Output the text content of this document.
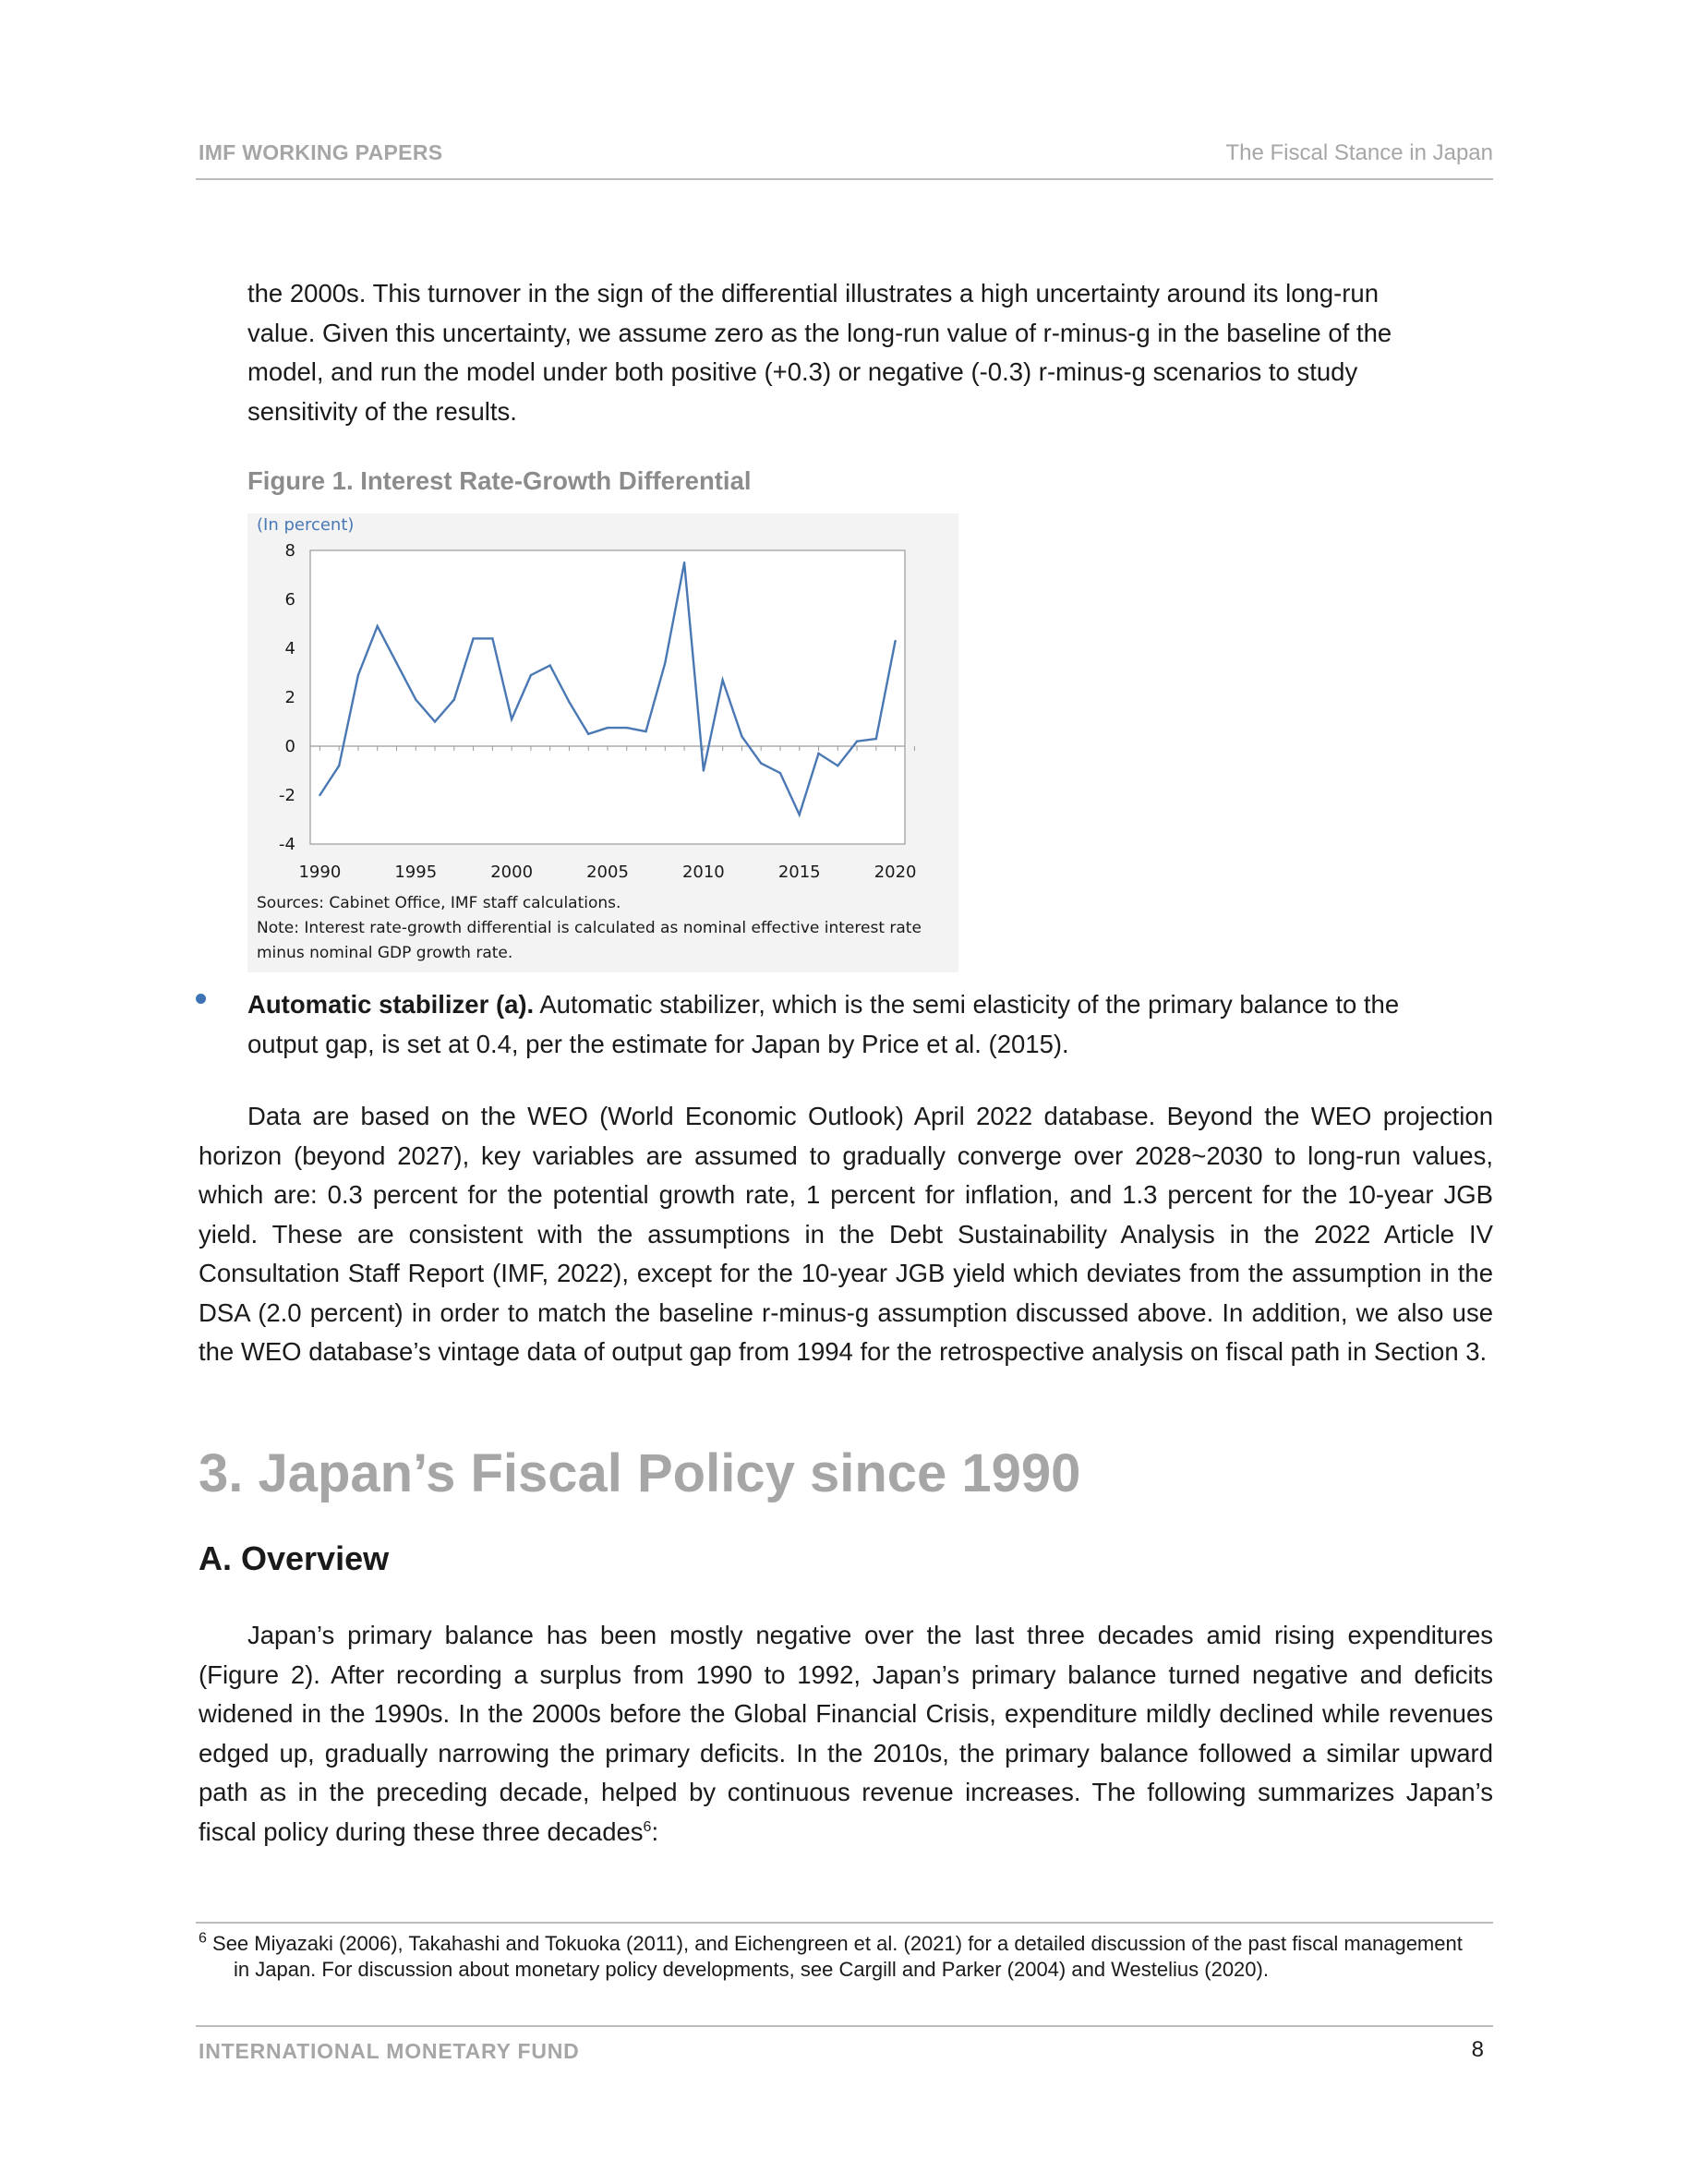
IMF WORKING PAPERS	The Fiscal Stance in Japan
the 2000s. This turnover in the sign of the differential illustrates a high uncertainty around its long-run value. Given this uncertainty, we assume zero as the long-run value of r-minus-g in the baseline of the model, and run the model under both positive (+0.3) or negative (-0.3) r-minus-g scenarios to study sensitivity of the results.
Figure 1. Interest Rate-Growth Differential
(In percent)
8
6
4
2
0
-2
-4
1990	1995	2000	2005	2010	2015	2020
Sources: Cabinet Office, IMF staff calculations.
Note: Interest rate-growth differential is calculated as nominal effective interest rate
minus nominal GDP growth rate.
Automatic stabilizer (a). Automatic stabilizer, which is the semi elasticity of the primary balance to the output gap, is set at 0.4, per the estimate for Japan by Price et al. (2015).
Data are based on the WEO (World Economic Outlook) April 2022 database. Beyond the WEO projection horizon (beyond 2027), key variables are assumed to gradually converge over 2028~2030 to long-run values, which are: 0.3 percent for the potential growth rate, 1 percent for inflation, and 1.3 percent for the 10-year JGB yield. These are consistent with the assumptions in the Debt Sustainability Analysis in the 2022 Article IV Consultation Staff Report (IMF, 2022), except for the 10-year JGB yield which deviates from the assumption in the DSA (2.0 percent) in order to match the baseline r-minus-g assumption discussed above. In addition, we also use the WEO database’s vintage data of output gap from 1994 for the retrospective analysis on fiscal path in Section 3.
3. Japan’s Fiscal Policy since 1990
A. Overview
Japan’s primary balance has been mostly negative over the last three decades amid rising expenditures (Figure 2). After recording a surplus from 1990 to 1992, Japan’s primary balance turned negative and deficits widened in the 1990s. In the 2000s before the Global Financial Crisis, expenditure mildly declined while revenues edged up, gradually narrowing the primary deficits. In the 2010s, the primary balance followed a similar upward path as in the preceding decade, helped by continuous revenue increases. The following summarizes Japan’s fiscal policy during these three decades$^6$:
$^6$ See Miyazaki (2006), Takahashi and Tokuoka (2011), and Eichengreen et al. (2021) for a detailed discussion of the past fiscal management in Japan. For discussion about monetary policy developments, see Cargill and Parker (2004) and Westelius (2020).
INTERNATIONAL MONETARY FUND	8
